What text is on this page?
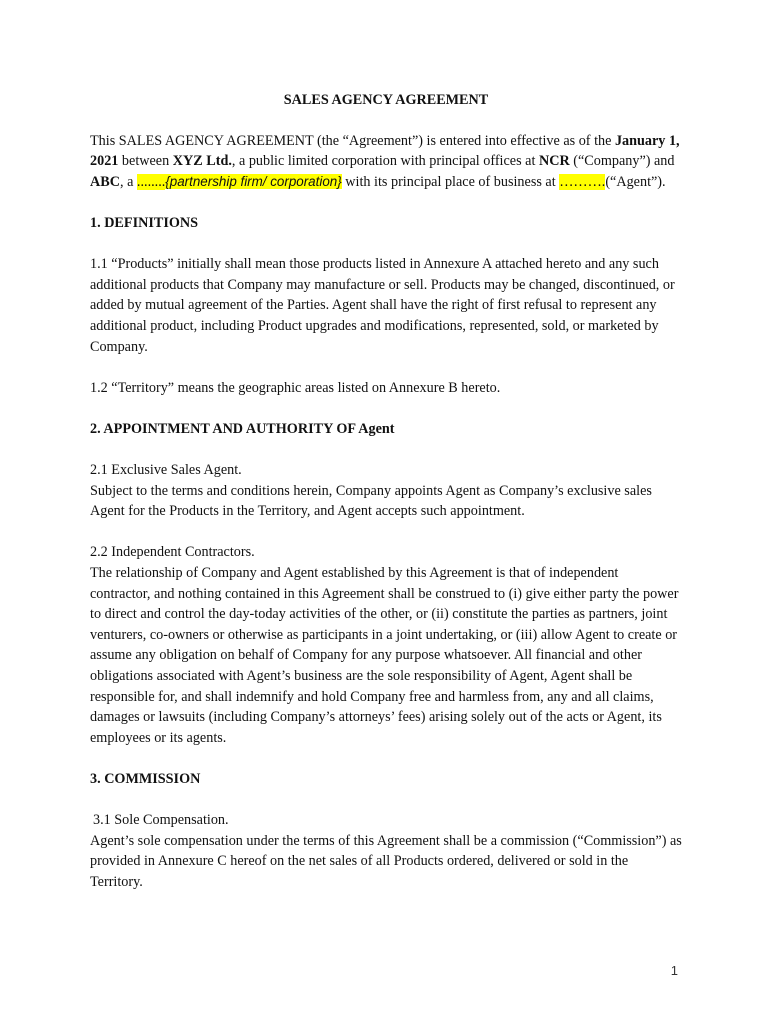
SALES AGENCY AGREEMENT

This SALES AGENCY AGREEMENT (the “Agreement”) is entered into effective as of the January 1, 2021 between XYZ Ltd., a public limited corporation with principal offices at NCR (“Company”) and ABC, a ........{partnership firm/ corporation} with its principal place of business at ……….(“Agent”).

1. DEFINITIONS

1.1 “Products” initially shall mean those products listed in Annexure A attached hereto and any such additional products that Company may manufacture or sell. Products may be changed, discontinued, or added by mutual agreement of the Parties. Agent shall have the right of first refusal to represent any additional product, including Product upgrades and modifications, represented, sold, or marketed by Company.

1.2 “Territory” means the geographic areas listed on Annexure B hereto.

2. APPOINTMENT AND AUTHORITY OF Agent

2.1 Exclusive Sales Agent.
Subject to the terms and conditions herein, Company appoints Agent as Company’s exclusive sales Agent for the Products in the Territory, and Agent accepts such appointment.

2.2 Independent Contractors.
The relationship of Company and Agent established by this Agreement is that of independent contractor, and nothing contained in this Agreement shall be construed to (i) give either party the power to direct and control the day-today activities of the other, or (ii) constitute the parties as partners, joint venturers, co-owners or otherwise as participants in a joint undertaking, or (iii) allow Agent to create or assume any obligation on behalf of Company for any purpose whatsoever. All financial and other obligations associated with Agent’s business are the sole responsibility of Agent, Agent shall be responsible for, and shall indemnify and hold Company free and harmless from, any and all claims, damages or lawsuits (including Company’s attorneys’ fees) arising solely out of the acts or Agent, its employees or its agents.

3. COMMISSION

3.1 Sole Compensation.
Agent’s sole compensation under the terms of this Agreement shall be a commission (“Commission”) as provided in Annexure C hereof on the net sales of all Products ordered, delivered or sold in the Territory.

1
